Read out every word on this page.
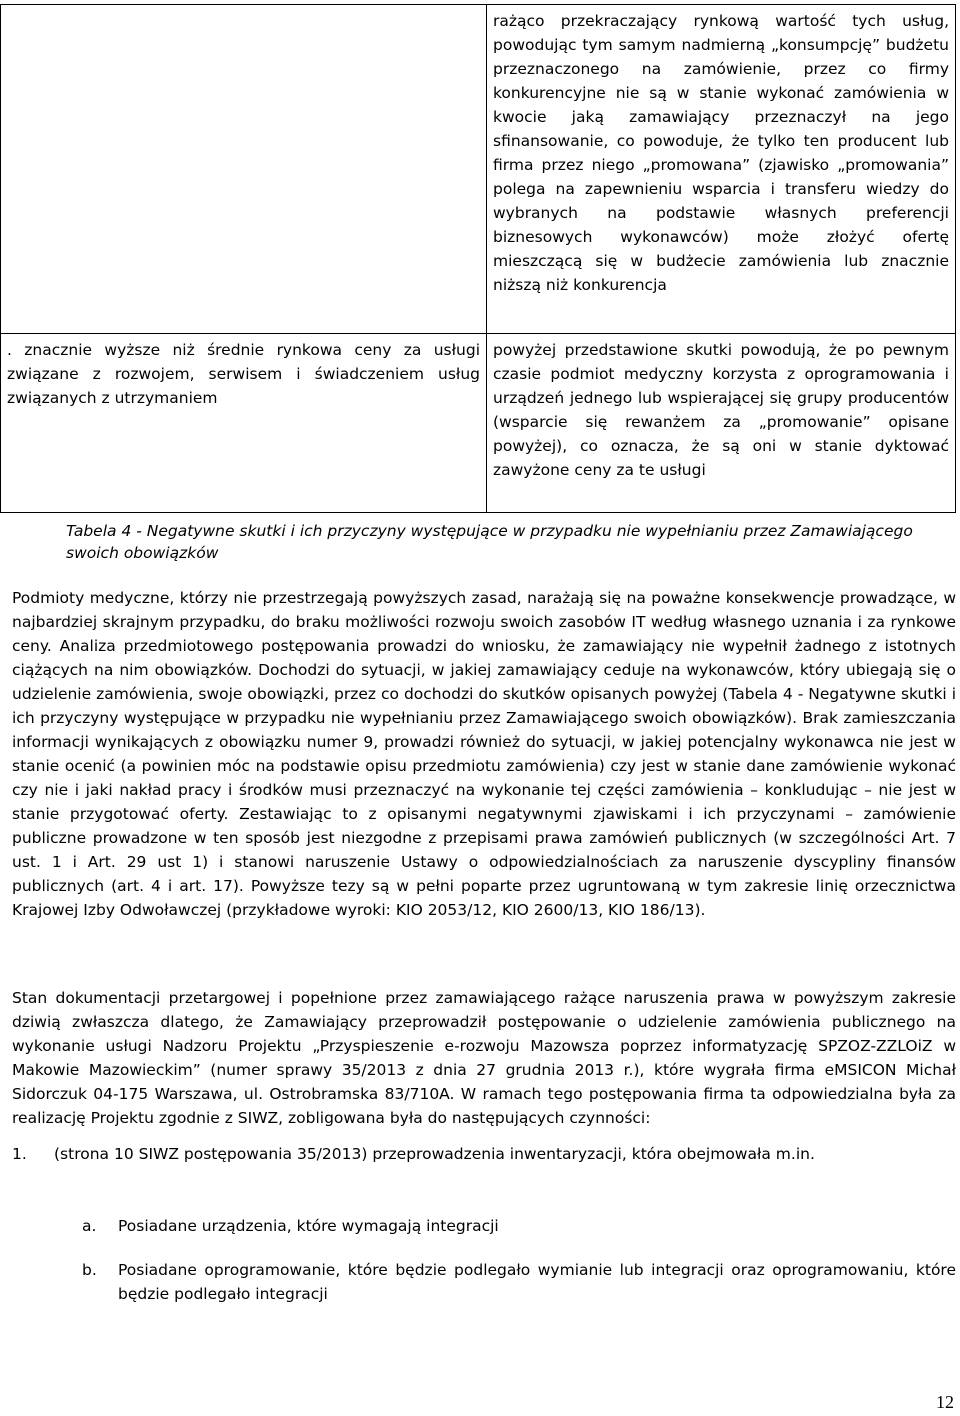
	rażąco przekraczający rynkową wartość tych usług, powodując tym samym nadmierną „konsumpcję” budżetu przeznaczonego na zamówienie, przez co firmy konkurencyjne nie są w stanie wykonać zamówienia w kwocie jaką zamawiający przeznaczył na jego sfinansowanie, co powoduje, że tylko ten producent lub firma przez niego „promowana” (zjawisko „promowania” polega na zapewnieniu wsparcia i transferu wiedzy do wybranych na podstawie własnych preferencji biznesowych wykonawców) może złożyć ofertę mieszczącą się w budżecie zamówienia lub znacznie niższą niż konkurencja
. znacznie wyższe niż średnie rynkowa ceny za usługi związane z rozwojem, serwisem i świadczeniem usług związanych z utrzymaniem	powyżej przedstawione skutki powodują, że po pewnym czasie podmiot medyczny korzysta z oprogramowania i urządzeń jednego lub wspierającej się grupy producentów (wsparcie się rewanżem za „promowanie” opisane powyżej), co oznacza, że są oni w stanie dyktować zawyżone ceny za te usługi
Tabela 4 - Negatywne skutki i ich przyczyny występujące w przypadku nie wypełnianiu przez Zamawiającego swoich obowiązków
Podmioty medyczne, którzy nie przestrzegają powyższych zasad, narażają się na poważne konsekwencje prowadzące, w najbardziej skrajnym przypadku, do braku możliwości rozwoju swoich zasobów IT według własnego uznania i za rynkowe ceny. Analiza przedmiotowego postępowania prowadzi do wniosku, że zamawiający nie wypełnił żadnego z istotnych ciążących na nim obowiązków. Dochodzi do sytuacji, w jakiej zamawiający ceduje na wykonawców, który ubiegają się o udzielenie zamówienia, swoje obowiązki, przez co dochodzi do skutków opisanych powyżej (Tabela 4 - Negatywne skutki i ich przyczyny występujące w przypadku nie wypełnianiu przez Zamawiającego swoich obowiązków). Brak zamieszczania informacji wynikających z obowiązku numer 9, prowadzi również do sytuacji, w jakiej potencjalny wykonawca nie jest w stanie ocenić (a powinien móc na podstawie opisu przedmiotu zamówienia) czy jest w stanie dane zamówienie wykonać czy nie i jaki nakład pracy i środków musi przeznaczyć na wykonanie tej części zamówienia – konkludując – nie jest w stanie przygotować oferty. Zestawiając to z opisanymi negatywnymi zjawiskami i ich przyczynami – zamówienie publiczne prowadzone w ten sposób jest niezgodne z przepisami prawa zamówień publicznych (w szczególności Art. 7 ust. 1 i Art. 29 ust 1) i stanowi naruszenie Ustawy o odpowiedzialnościach za naruszenie dyscypliny finansów publicznych (art. 4 i art. 17). Powyższe tezy są w pełni poparte przez ugruntowaną w tym zakresie linię orzecznictwa Krajowej Izby Odwoławczej (przykładowe wyroki: KIO 2053/12, KIO 2600/13, KIO 186/13).
Stan dokumentacji przetargowej i popełnione przez zamawiającego rażące naruszenia prawa w powyższym zakresie dziwią zwłaszcza dlatego, że Zamawiający przeprowadził postępowanie o udzielenie zamówienia publicznego na wykonanie usługi Nadzoru Projektu „Przyspieszenie e-rozwoju Mazowsza poprzez informatyzację SPZOZ-ZZLOiZ w Makowie Mazowieckim” (numer sprawy 35/2013 z dnia 27 grudnia 2013 r.), które wygrała firma eMSICON Michał Sidorczuk 04-175 Warszawa, ul. Ostrobramska 83/710A. W ramach tego postępowania firma ta odpowiedzialna była za realizację Projektu zgodnie z SIWZ, zobligowana była do następujących czynności:
1. (strona 10 SIWZ postępowania 35/2013) przeprowadzenia inwentaryzacji, która obejmowała m.in.
a. Posiadane urządzenia, które wymagają integracji
b. Posiadane oprogramowanie, które będzie podlegało wymianie lub integracji oraz oprogramowaniu, które będzie podlegało integracji
12
